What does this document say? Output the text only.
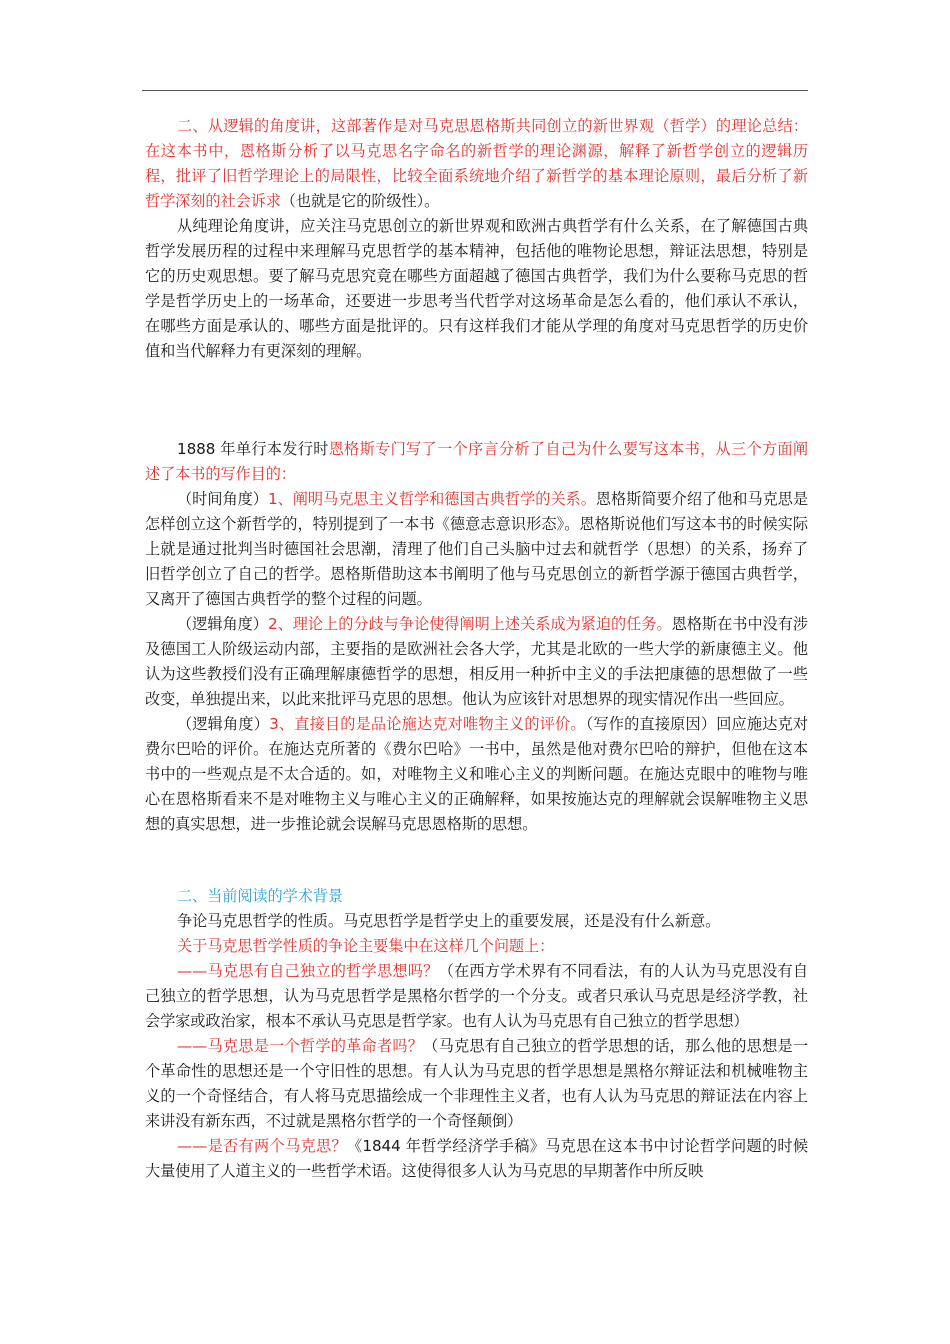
二、从逻辑的角度讲，这部著作是对马克思恩格斯共同创立的新世界观（哲学）的理论总结：在这本书中，恩格斯分析了以马克思名字命名的新哲学的理论渊源，解释了新哲学创立的逻辑历程，批评了旧哲学理论上的局限性，比较全面系统地介绍了新哲学的基本理论原则，最后分析了新哲学深刻的社会诉求（也就是它的阶级性）。

从纯理论角度讲，应关注马克思创立的新世界观和欧洲古典哲学有什么关系，在了解德国古典哲学发展历程的过程中来理解马克思哲学的基本精神，包括他的唯物论思想，辩证法思想，特别是它的历史观思想。要了解马克思究竟在哪些方面超越了德国古典哲学，我们为什么要称马克思的哲学是哲学历史上的一场革命，还要进一步思考当代哲学对这场革命是怎么看的，他们承认不承认，在哪些方面是承认的、哪些方面是批评的。只有这样我们才能从学理的角度对马克思哲学的历史价值和当代解释力有更深刻的理解。

1888 年单行本发行时恩格斯专门写了一个序言分析了自己为什么要写这本书，从三个方面阐述了本书的写作目的：

（时间角度）1、阐明马克思主义哲学和德国古典哲学的关系。恩格斯简要介绍了他和马克思是怎样创立这个新哲学的，特别提到了一本书《德意志意识形态》。恩格斯说他们写这本书的时候实际上就是通过批判当时德国社会思潮，清理了他们自己头脑中过去和就哲学（思想）的关系，扬弃了旧哲学创立了自己的哲学。恩格斯借助这本书阐明了他与马克思创立的新哲学源于德国古典哲学，又离开了德国古典哲学的整个过程的问题。

（逻辑角度）2、理论上的分歧与争论使得阐明上述关系成为紧迫的任务。恩格斯在书中没有涉及德国工人阶级运动内部，主要指的是欧洲社会各大学，尤其是北欧的一些大学的新康德主义。他认为这些教授们没有正确理解康德哲学的思想，相反用一种折中主义的手法把康德的思想做了一些改变，单独提出来，以此来批评马克思的思想。他认为应该针对思想界的现实情况作出一些回应。

（逻辑角度）3、直接目的是品论施达克对唯物主义的评价。（写作的直接原因）回应施达克对费尔巴哈的评价。在施达克所著的《费尔巴哈》一书中，虽然是他对费尔巴哈的辩护，但他在这本书中的一些观点是不太合适的。如，对唯物主义和唯心主义的判断问题。在施达克眼中的唯物与唯心在恩格斯看来不是对唯物主义与唯心主义的正确解释，如果按施达克的理解就会误解唯物主义思想的真实思想，进一步推论就会误解马克思恩格斯的思想。

二、当前阅读的学术背景

争论马克思哲学的性质。马克思哲学是哲学史上的重要发展，还是没有什么新意。

关于马克思哲学性质的争论主要集中在这样几个问题上：

——马克思有自己独立的哲学思想吗？（在西方学术界有不同看法，有的人认为马克思没有自己独立的哲学思想，认为马克思哲学是黑格尔哲学的一个分支。或者只承认马克思是经济学教，社会学家或政治家，根本不承认马克思是哲学家。也有人认为马克思有自己独立的哲学思想）

——马克思是一个哲学的革命者吗？（马克思有自己独立的哲学思想的话，那么他的思想是一个革命性的思想还是一个守旧性的思想。有人认为马克思的哲学思想是黑格尔辩证法和机械唯物主义的一个奇怪结合，有人将马克思描绘成一个非理性主义者，也有人认为马克思的辩证法在内容上来讲没有新东西，不过就是黑格尔哲学的一个奇怪颠倒）

——是否有两个马克思？《1844 年哲学经济学手稿》马克思在这本书中讨论哲学问题的时候大量使用了人道主义的一些哲学术语。这使得很多人认为马克思的早期著作中所反映
